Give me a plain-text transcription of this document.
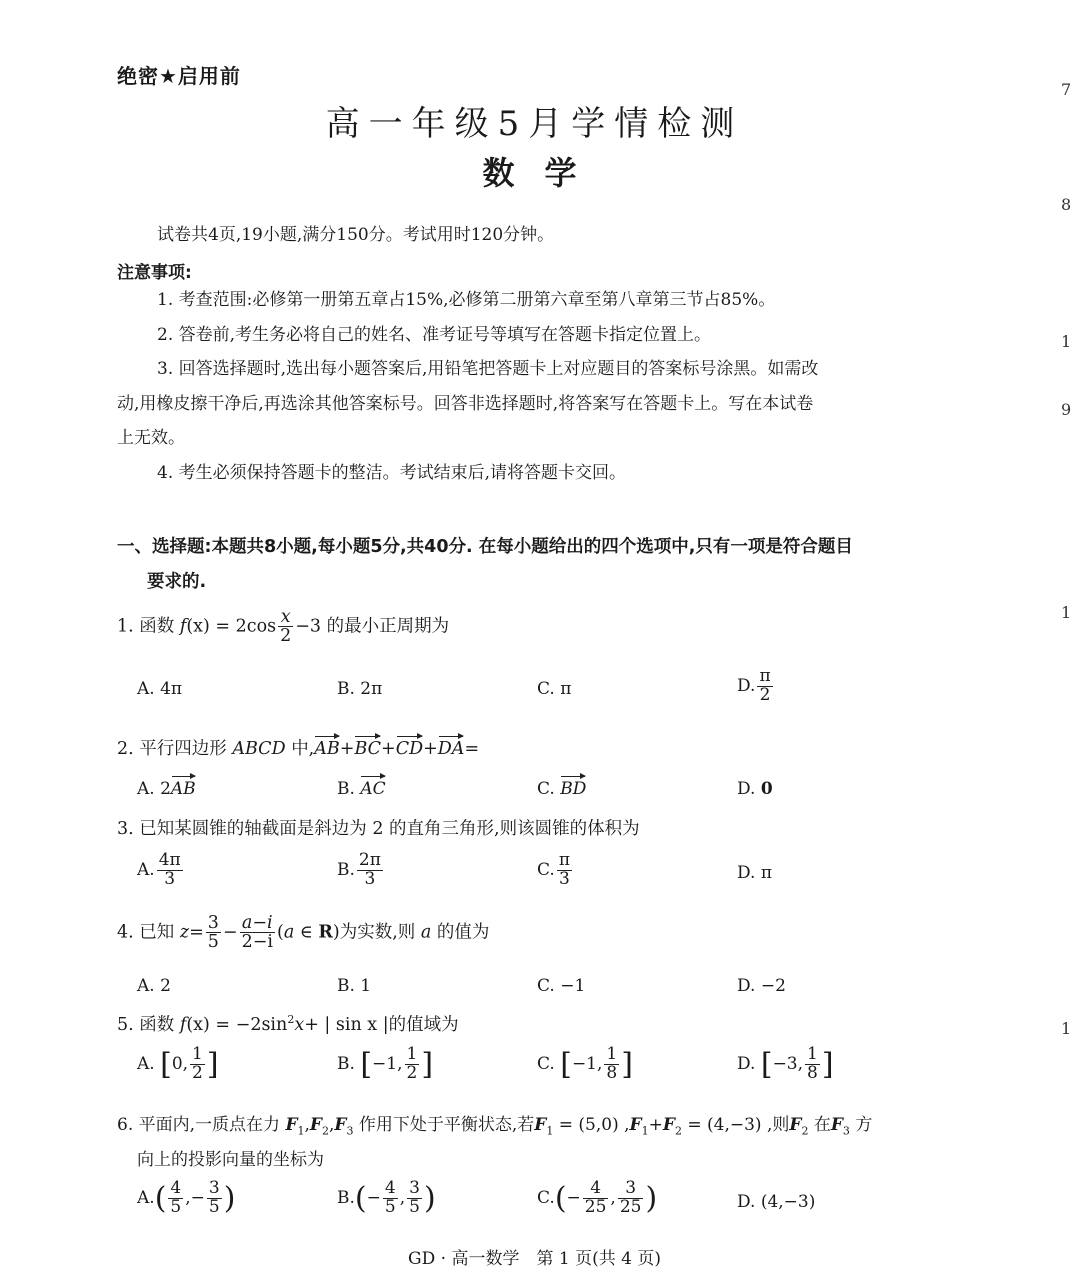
绝密★启用前
高一年级5月学情检测
数学
7
8
1
9
1
1
试卷共4页,19小题,满分150分。考试用时120分钟。
注意事项:
1. 考查范围:必修第一册第五章占15%,必修第二册第六章至第八章第三节占85%。
2. 答卷前,考生务必将自己的姓名、准考证号等填写在答题卡指定位置上。
3. 回答选择题时,选出每小题答案后,用铅笔把答题卡上对应题目的答案标号涂黑。如需改
动,用橡皮擦干净后,再选涂其他答案标号。回答非选择题时,将答案写在答题卡上。写在本试卷
上无效。
4. 考生必须保持答题卡的整洁。考试结束后,请将答题卡交回。
一、选择题:本题共8小题,每小题5分,共40分. 在每小题给出的四个选项中,只有一项是符合题目
要求的.
1. 函数 $f(x) = 2\cos \frac{x}{2} -3$ 的最小正周期为
A. 4π	B. 2π	C. π	D. $\frac{\pi}{2}$
2. 平行四边形 ABCD 中,AB+BC+CD+DA=
A. 2AB	B. AC	C. BD	D. 0
3. 已知某圆锥的轴截面是斜边为 2 的直角三角形,则该圆锥的体积为
A. $\frac{4\pi}{3}$	B. $\frac{2\pi}{3}$	C. $\frac{\pi}{3}$	D. π
4. 已知 $z= \frac{3}{5} - \frac{a-i}{2-i} (a$ ∈ R)为实数,则 a 的值为
A. 2	B. 1	C. −1	D. −2
5. 函数 $f(x) = -2\sin^2x+$ | sin x |的值域为
A. [0, $\frac{1}{2}$ ]	B. [−1, $\frac{1}{2}$ ]	C. [−1, $\frac{1}{8}$ ]	D. [−3, $\frac{1}{8}$ ]
6. 平面内,一质点在力 $F_1,F_2,F_3$ 作用下处于平衡状态,若$F_1 = (5,0) ,F_1+F_2 = (4,-3)$ ,则$F_2$ 在$F_3$ 方
向上的投影向量的坐标为
$A.( \frac{4}{5}$ ,− $\frac{3}{5}$ )	$B.(- \frac{4}{5}$ , $\frac{3}{5}$ )	$C.(- \frac{4}{25}$ , $\frac{3}{25}$ )	D. (4,−3)
GD · 高一数学　第 1 页(共 4 页)
